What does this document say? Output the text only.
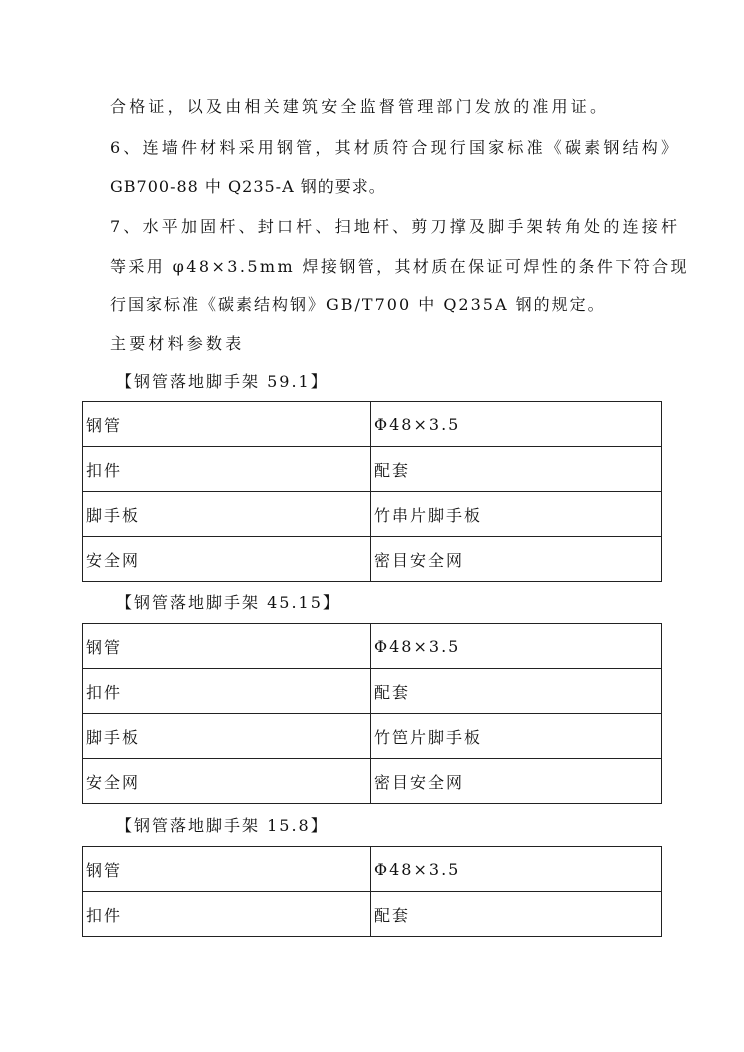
合格证，以及由相关建筑安全监督管理部门发放的准用证。
6、连墙件材料采用钢管，其材质符合现行国家标准《碳素钢结构》
GB700-88 中 Q235-A 钢的要求。
7、水平加固杆、封口杆、扫地杆、剪刀撑及脚手架转角处的连接杆
等采用 φ48×3.5mm 焊接钢管，其材质在保证可焊性的条件下符合现
行国家标准《碳素结构钢》GB/T700 中 Q235A 钢的规定。
主要材料参数表
【钢管落地脚手架 59.1】
钢管	Φ48×3.5
扣件	配套
脚手板	竹串片脚手板
安全网	密目安全网
【钢管落地脚手架 45.15】
钢管	Φ48×3.5
扣件	配套
脚手板	竹笆片脚手板
安全网	密目安全网
【钢管落地脚手架 15.8】
钢管	Φ48×3.5
扣件	配套
